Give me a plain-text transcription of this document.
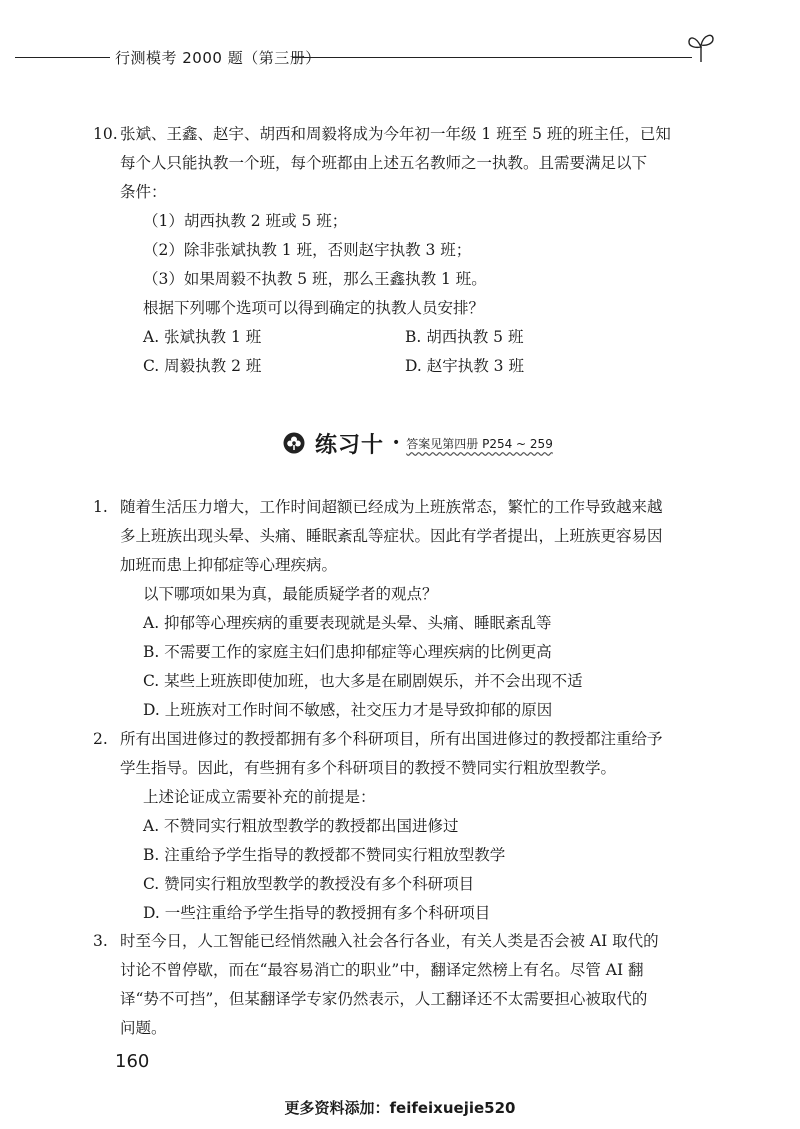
行测模考 2000 题（第三册）
10. 张斌、王鑫、赵宇、胡西和周毅将成为今年初一年级 1 班至 5 班的班主任，已知
每个人只能执教一个班，每个班都由上述五名教师之一执教。且需要满足以下
条件：
（1）胡西执教 2 班或 5 班；
（2）除非张斌执教 1 班，否则赵宇执教 3 班；
（3）如果周毅不执教 5 班，那么王鑫执教 1 班。
根据下列哪个选项可以得到确定的执教人员安排？
A. 张斌执教 1 班	B. 胡西执教 5 班
C. 周毅执教 2 班	D. 赵宇执教 3 班
练习十 • 答案见第四册 P254 ~ 259
1. 随着生活压力增大，工作时间超额已经成为上班族常态，繁忙的工作导致越来越
多上班族出现头晕、头痛、睡眠紊乱等症状。因此有学者提出，上班族更容易因
加班而患上抑郁症等心理疾病。
以下哪项如果为真，最能质疑学者的观点？
A. 抑郁等心理疾病的重要表现就是头晕、头痛、睡眠紊乱等
B. 不需要工作的家庭主妇们患抑郁症等心理疾病的比例更高
C. 某些上班族即使加班，也大多是在刷剧娱乐，并不会出现不适
D. 上班族对工作时间不敏感，社交压力才是导致抑郁的原因
2. 所有出国进修过的教授都拥有多个科研项目，所有出国进修过的教授都注重给予
学生指导。因此，有些拥有多个科研项目的教授不赞同实行粗放型教学。
上述论证成立需要补充的前提是：
A. 不赞同实行粗放型教学的教授都出国进修过
B. 注重给予学生指导的教授都不赞同实行粗放型教学
C. 赞同实行粗放型教学的教授没有多个科研项目
D. 一些注重给予学生指导的教授拥有多个科研项目
3. 时至今日，人工智能已经悄然融入社会各行各业，有关人类是否会被 AI 取代的
讨论不曾停歇，而在“最容易消亡的职业”中，翻译定然榜上有名。尽管 AI 翻
译“势不可挡”，但某翻译学专家仍然表示，人工翻译还不太需要担心被取代的
问题。
160
更多资料添加：feifeixuejie520
